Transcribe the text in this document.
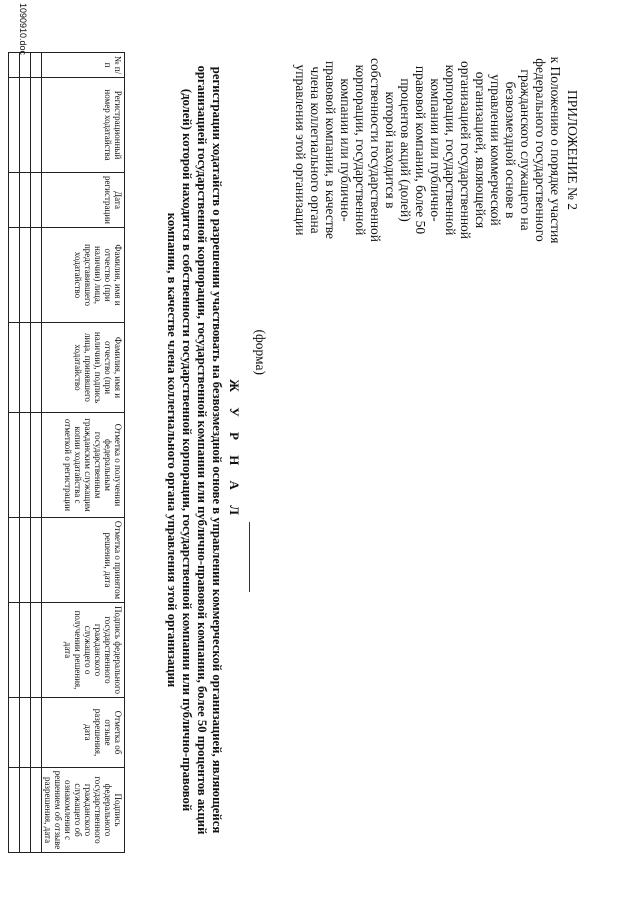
ПРИЛОЖЕНИЕ № 2
к Положению о порядке участия федерального государственного гражданского служащего на безвозмездной основе в управлении коммерческой организацией, являющейся организацией государственной корпорации, государственной компании или публично-правовой компании, более 50 процентов акций (долей) которой находится в собственности государственной корпорации, государственной компании или публично-правовой компании, в качестве члена коллегиального органа управления этой организации
(форма)
Ж У Р Н А Л
регистрации ходатайств о разрешении участвовать на безвозмездной основе в управлении коммерческой организацией, являющейся организацией государственной корпорации, государственной компании или публично-правовой компании, более 50 процентов акций (долей) которой находится в собственности государственной корпорации, государственной компании или публично-правовой компании, в качестве члена коллегиального органа управления этой организации
№ п/п	Регистрационный номер ходатайства	Дата регистрации	Фамилия, имя и отчество (при наличии) лица, представившего ходатайство	Фамилия, имя и отчество (при наличии), подпись лица, принявшего ходатайство	Отметка о получении федеральным государственным гражданским служащим копии ходатайства с отметкой о регистрации	Отметка о принятом решении, дата	Подпись федерального государственного гражданского служащего о получении решения, дата	Отметка об отзыве разрешения, дата	Подпись федерального государственного гражданского служащего об ознакомлении с решением об отзыве разрешения, дата

1090910.doc
